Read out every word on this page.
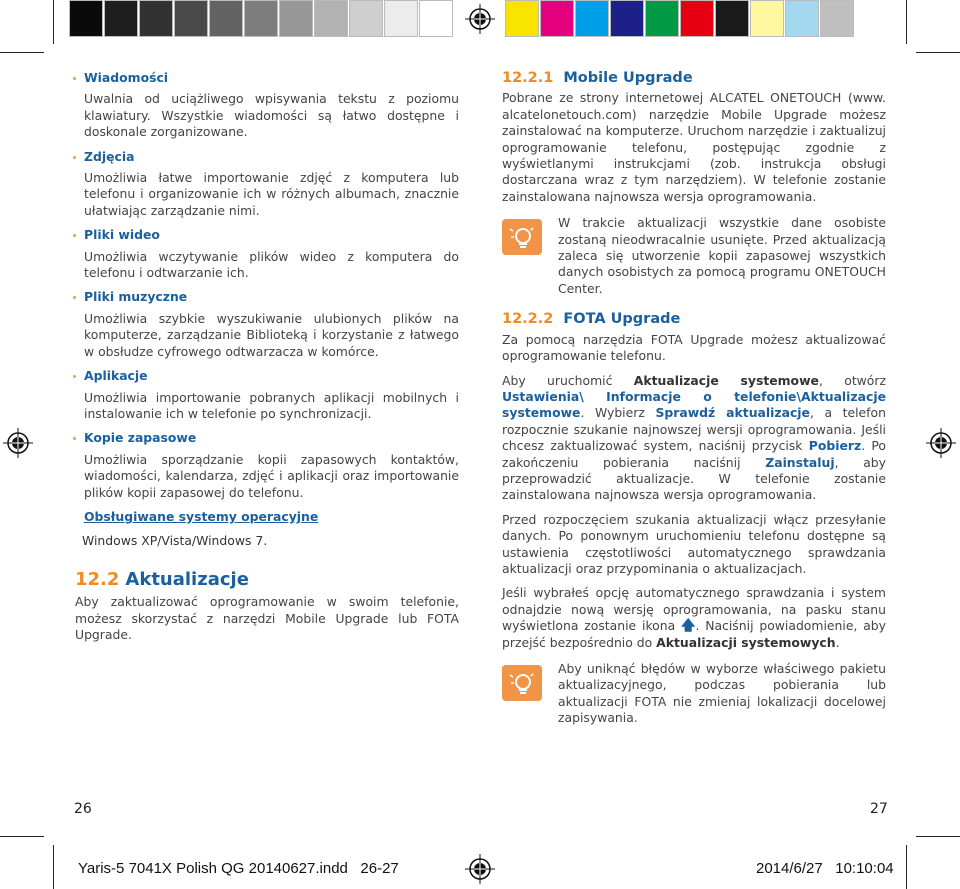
Wiadomości
Uwalnia od uciążliwego wpisywania tekstu z poziomu klawiatury. Wszystkie wiadomości są łatwo dostępne i doskonale zorganizowane.
Zdjęcia
Umożliwia łatwe importowanie zdjęć z komputera lub telefonu i organizowanie ich w różnych albumach, znacznie ułatwiając zarządzanie nimi.
Pliki wideo
Umożliwia wczytywanie plików wideo z komputera do telefonu i odtwarzanie ich.
Pliki muzyczne
Umożliwia szybkie wyszukiwanie ulubionych plików na komputerze, zarządzanie Biblioteką i korzystanie z łatwego w obsłudze cyfrowego odtwarzacza w komórce.
Aplikacje
Umożliwia importowanie pobranych aplikacji mobilnych i instalowanie ich w telefonie po synchronizacji.
Kopie zapasowe
Umożliwia sporządzanie kopii zapasowych kontaktów, wiadomości, kalendarza, zdjęć i aplikacji oraz importowanie plików kopii zapasowej do telefonu.
Obsługiwane systemy operacyjne
Windows XP/Vista/Windows 7.
12.2 Aktualizacje
Aby zaktualizować oprogramowanie w swoim telefonie, możesz skorzystać z narzędzi Mobile Upgrade lub FOTA Upgrade.
12.2.1 Mobile Upgrade
Pobrane ze strony internetowej ALCATEL ONETOUCH (www. alcatelonetouch.com) narzędzie Mobile Upgrade możesz zainstalować na komputerze. Uruchom narzędzie i zaktualizuj oprogramowanie telefonu, postępując zgodnie z wyświetlanymi instrukcjami (zob. instrukcja obsługi dostarczana wraz z tym narzędziem). W telefonie zostanie zainstalowana najnowsza wersja oprogramowania.
W trakcie aktualizacji wszystkie dane osobiste zostaną nieodwracalnie usunięte. Przed aktualizacją zaleca się utworzenie kopii zapasowej wszystkich danych osobistych za pomocą programu ONETOUCH Center.
12.2.2 FOTA Upgrade
Za pomocą narzędzia FOTA Upgrade możesz aktualizować oprogramowanie telefonu.
Aby uruchomić Aktualizacje systemowe, otwórz Ustawienia\ Informacje o telefonie\Aktualizacje systemowe. Wybierz Sprawdź aktualizacje, a telefon rozpocznie szukanie najnowszej wersji oprogramowania. Jeśli chcesz zaktualizować system, naciśnij przycisk Pobierz. Po zakończeniu pobierania naciśnij Zainstaluj, aby przeprowadzić aktualizacje. W telefonie zostanie zainstalowana najnowsza wersja oprogramowania.
Przed rozpoczęciem szukania aktualizacji włącz przesyłanie danych. Po ponownym uruchomieniu telefonu dostępne są ustawienia częstotliwości automatycznego sprawdzania aktualizacji oraz przypominania o aktualizacjach.
Jeśli wybrałeś opcję automatycznego sprawdzania i system odnajdzie nową wersję oprogramowania, na pasku stanu wyświetlona zostanie ikona 🡅. Naciśnij powiadomienie, aby przejść bezpośrednio do Aktualizacji systemowych.
Aby uniknąć błędów w wyborze właściwego pakietu aktualizacyjnego, podczas pobierania lub aktualizacji FOTA nie zmieniaj lokalizacji docelowej zapisywania.
26	27
Yaris-5 7041X Polish QG 20140627.indd   26-27	2014/6/27   10:10:04
